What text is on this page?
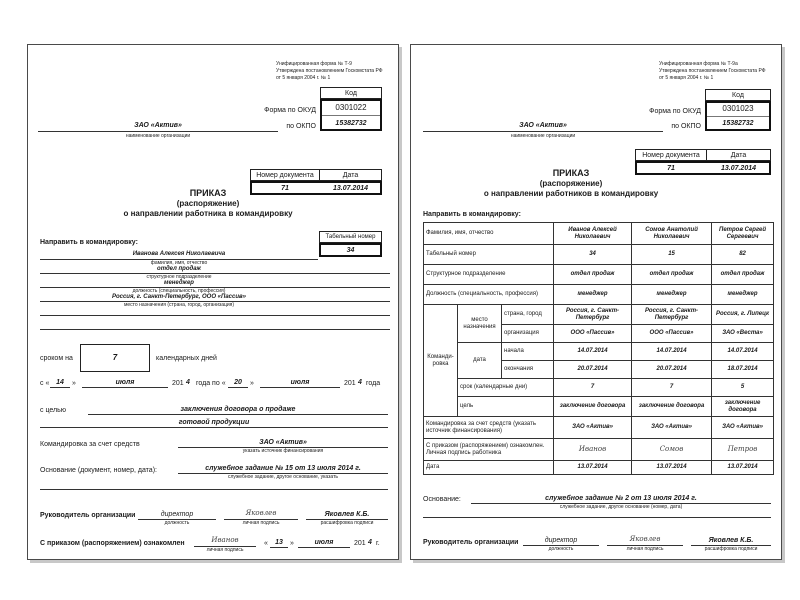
Унифицированная форма № Т-9
Утверждена постановлением Госкомстата РФ
от 5 января 2004 г. № 1
Код
0301022
15382732
Форма по ОКУД
по ОКПО
ЗАО «Актив»
наименование организации
Номер документа	Дата
71	13.07.2014
ПРИКАЗ
(распоряжение)
о направлении работника в командировку
Табельный номер
34
Направить в командировку:
Иванова Алексея Николаевича
фамилия, имя, отчество
отдел продаж
структурное подразделение
менеджер
должность (специальность, профессия)
Россия, г. Санкт-Петербург, ООО «Пассив»
место назначения (страна, город, организация)
сроком на	7	календарных дней
с « 14	»	июля	201 4 года по «	20	»	июля	201 4 года
с целью	заключения договора о продаже
готовой продукции
Командировка за счет средств	ЗАО «Актив»
указать источник финансирования
Основание (документ, номер, дата):	служебное задание № 15 от 13 июля 2014 г.
служебное задание, другое основание, указать
Руководитель организации	директор
должность
Яковлев
личная подпись
Яковлев К.Б.
расшифровка подписи
С приказом (распоряжением) ознакомлен	Иванов
личная подпись
«	13	»	июля	201 4 г.
Унифицированная форма № Т-9а
Утверждена постановлением Госкомстата РФ
от 5 января 2004 г. № 1
Код
0301023
15382732
Форма по ОКУД
по ОКПО
ЗАО «Актив»
наименование организации
Номер документа	Дата
71	13.07.2014
ПРИКАЗ
(распоряжение)
о направлении работников в командировку
Направить в командировку:
Фамилия, имя, отчество			Иванов Алексей Николаевич	Сомов Анатолий Николаевич	Петров Сергей Сергеевич
Табельный номер			34	15	82
Структурное подразделение			отдел продаж	отдел продаж	отдел продаж
Должность (специальность, профессия)			менеджер	менеджер	менеджер
Команди-ровка	место назначения	страна, город	Россия, г. Санкт-Петербург	Россия, г. Санкт-Петербург	Россия, г. Липецк
		организация	ООО «Пассив»	ООО «Пассив»	ЗАО «Веста»
	дата	начала	14.07.2014	14.07.2014	14.07.2014
		окончания	20.07.2014	20.07.2014	18.07.2014
	срок (календарные дни)		7	7	5
	цель		заключение договора	заключение договора	заключение договора
Командировка за счет средств (указать источник финансирования)			ЗАО «Актив»	ЗАО «Актив»	ЗАО «Актив»
С приказом (распоряжением) ознакомлен. Личная подпись работника			Иванов	Сомов	Петров
Дата			13.07.2014	13.07.2014	13.07.2014
Основание:	служебное задание № 2 от 13 июля 2014 г.
служебное задание, другое основание (номер, дата)
Руководитель организации	директор
должность
Яковлев
личная подпись
Яковлев К.Б.
расшифровка подписи
